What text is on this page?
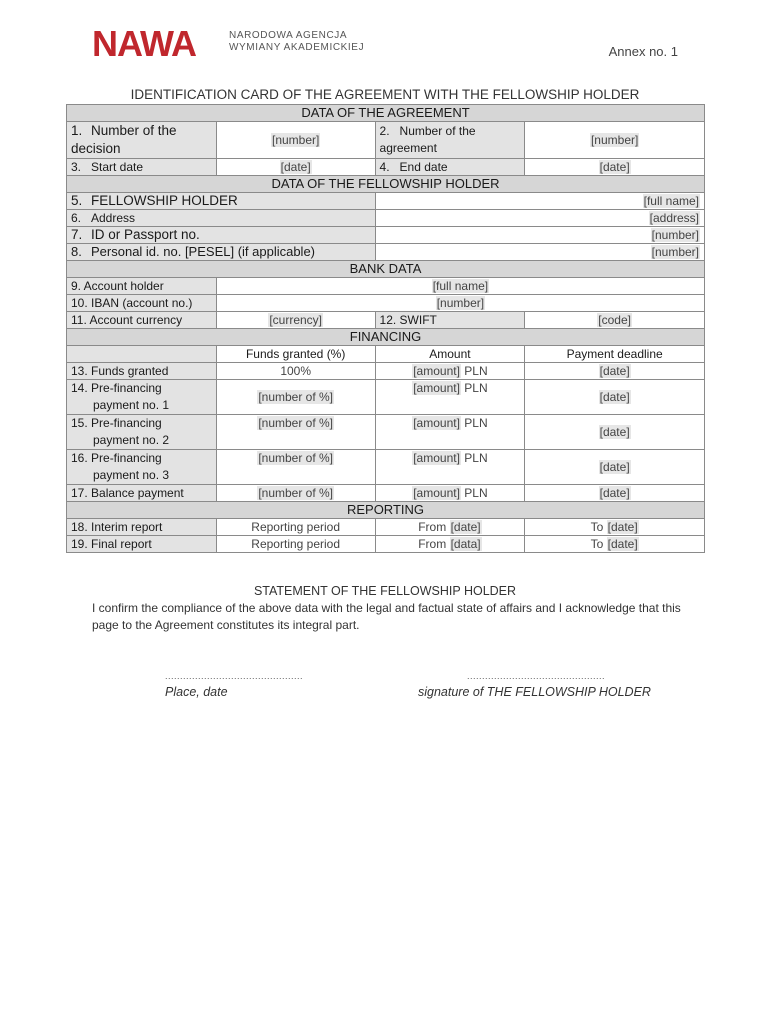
NAWA	NARODOWA AGENCJA
WYMIANY AKADEMICKIEJ	Annex no. 1
IDENTIFICATION CARD OF THE AGREEMENT WITH THE FELLOWSHIP HOLDER
DATA OF THE AGREEMENT			
1. Number of the decision	[number]	2. Number of the agreement	[number]
3. Start date	[date]	4. End date	[date]
DATA OF THE FELLOWSHIP HOLDER			
5. FELLOWSHIP HOLDER		[full name]	
6. Address		[address]	
7. ID or Passport no.		[number]	
8. Personal id. no. [PESEL] (if applicable)		[number]	
BANK DATA			
9. Account holder	[full name]		
10. IBAN (account no.)	[number]		
11. Account currency	[currency]	12. SWIFT	[code]
FINANCING			
	Funds granted (%)	Amount	Payment deadline
13. Funds granted	100%	[amount] PLN	[date]

14. Pre-financing
payment no. 1	[number of %]	[amount] PLN	[date]

15. Pre-financing
payment no. 2	[number of %]	[amount] PLN	[date]

16. Pre-financing
payment no. 3	[number of %]	[amount] PLN	[date]
17. Balance payment	[number of %]	[amount] PLN	[date]
REPORTING			
18. Interim report	Reporting period	From [date]	To [date]
19. Final report	Reporting period	From [data]	To [date]
STATEMENT OF THE FELLOWSHIP HOLDER
I confirm the compliance of the above data with the legal and factual state of affairs and I acknowledge that this page to the Agreement constitutes its integral part.
..............................................	..............................................
Place, date	signature of THE FELLOWSHIP HOLDER
